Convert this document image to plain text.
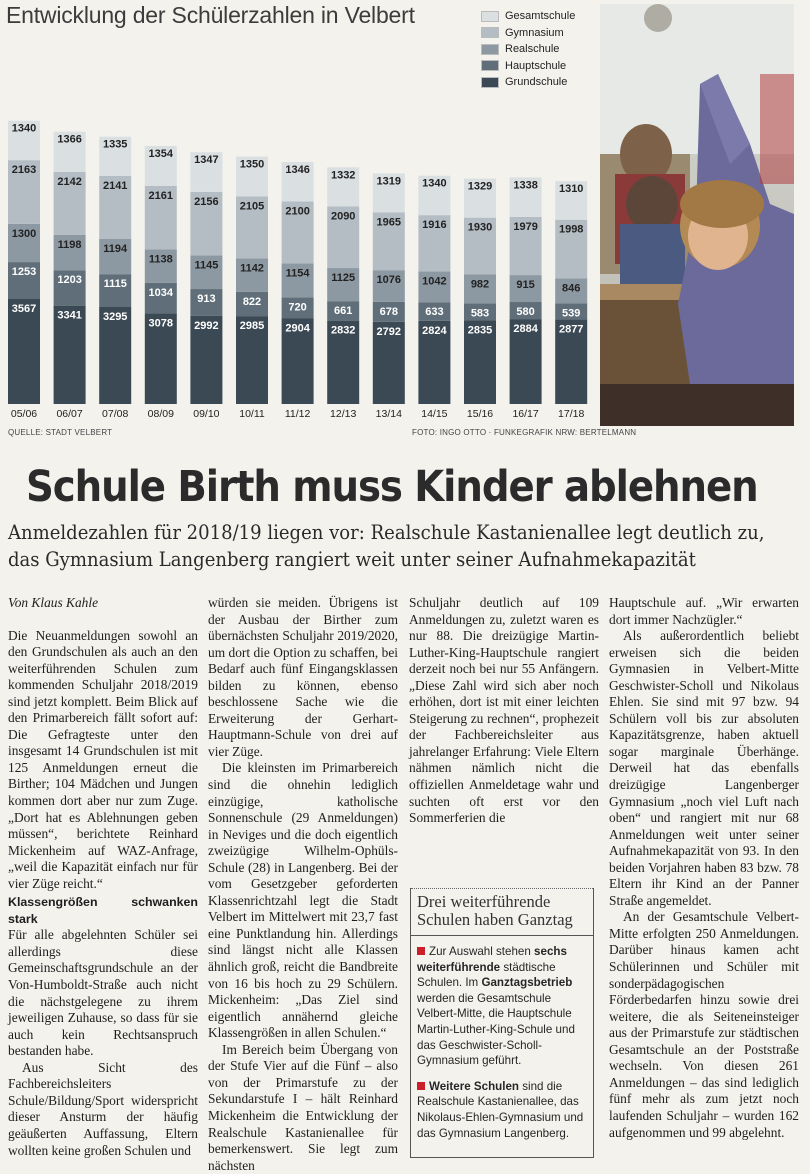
Entwicklung der Schülerzahlen in Velbert	Gesamtschule
Gymnasium
Realschule
Hauptschule
Grundschule
3567
1253
1300
2163
1340
05/06
3341
1203
1198
2142
1366
06/07
3295
1115
1194
2141
1335
07/08
3078
1034
1138
2161
1354
08/09
2992
913
1145
2156
1347
09/10
2985
822
1142
2105
1350
10/11
2904
720
1154
2100
1346
11/12
2832
661
1125
2090
1332
12/13
2792
678
1076
1965
1319
13/14
2824
633
1042
1916
1340
14/15
2835
583
982
1930
1329
15/16
2884
580
915
1979
1338
16/17
2877
539
846
1998
1310
17/18
QUELLE: STADT VELBERT	FOTO: INGO OTTO · FUNKEGRAFIK NRW: BERTELMANN
Schule Birth muss Kinder ablehnen
Anmeldezahlen für 2018/19 liegen vor: Realschule Kastanienallee legt deutlich zu,
das Gymnasium Langenberg rangiert weit unter seiner Aufnahmekapazität

Von Klaus Kahle

Die Neuanmeldungen sowohl an den Grundschulen als auch an den weiterführenden Schulen zum kommenden Schuljahr 2018/2019 sind jetzt komplett. Beim Blick auf den Primarbereich fällt sofort auf: Die Gefragteste unter den insgesamt 14 Grundschulen ist mit 125 Anmeldungen erneut die Birther; 104 Mädchen und Jungen kommen dort aber nur zum Zuge. „Dort hat es Ablehnungen geben müssen“, berichtete Reinhard Mickenheim auf WAZ-Anfrage, „weil die Kapazität einfach nur für vier Züge reicht.“

Klassengrößen schwanken stark

Für alle abgelehnten Schüler sei allerdings diese Gemeinschaftsgrundschule an der Von-Humboldt-Straße auch nicht die nächstgelegene zu ihrem jeweiligen Zuhause, so dass für sie auch kein Rechtsanspruch bestanden habe.

Aus Sicht des Fachbereichsleiters Schule/Bildung/Sport widerspricht dieser Ansturm der häufig geäußerten Auffassung, Eltern wollten keine großen Schulen und

würden sie meiden. Übrigens ist der Ausbau der Birther zum übernächsten Schuljahr 2019/2020, um dort die Option zu schaffen, bei Bedarf auch fünf Eingangsklassen bilden zu können, ebenso beschlossene Sache wie die Erweiterung der Gerhart-Hauptmann-Schule von drei auf vier Züge.

Die kleinsten im Primarbereich sind die ohnehin lediglich einzügige, katholische Sonnenschule (29 Anmeldungen) in Neviges und die doch eigentlich zweizügige Wilhelm-Ophüls-Schule (28) in Langenberg. Bei der vom Gesetzgeber geforderten Klassenrichtzahl legt die Stadt Velbert im Mittelwert mit 23,7 fast eine Punktlandung hin. Allerdings sind längst nicht alle Klassen ähnlich groß, reicht die Bandbreite von 16 bis hoch zu 29 Schülern. Mickenheim: „Das Ziel sind eigentlich annähernd gleiche Klassengrößen in allen Schulen.“

Im Bereich beim Übergang von der Stufe Vier auf die Fünf – also von der Primarstufe zu der Sekundarstufe I – hält Reinhard Mickenheim die Entwicklung der Realschule Kastanienallee für bemerkenswert. Sie legt zum nächsten

Schuljahr deutlich auf 109 Anmeldungen zu, zuletzt waren es nur 88. Die dreizügige Martin-Luther-King-Hauptschule rangiert derzeit noch bei nur 55 Anfängern. „Diese Zahl wird sich aber noch erhöhen, dort ist mit einer leichten Steigerung zu rechnen“, prophezeit der Fachbereichsleiter aus jahrelanger Erfahrung: Viele Eltern nähmen nämlich nicht die offiziellen Anmeldetage wahr und suchten oft erst vor den Sommerferien die

Drei weiterführende Schulen haben Ganztag

Zur Auswahl stehen sechs weiterführende städtische Schulen. Im Ganztagsbetrieb werden die Gesamtschule Velbert-Mitte, die Hauptschule Martin-Luther-King-Schule und das Geschwister-Scholl-Gymnasium geführt.

Weitere Schulen sind die Realschule Kastanienallee, das Nikolaus-Ehlen-Gymnasium und das Gymnasium Langenberg.

Hauptschule auf. „Wir erwarten dort immer Nachzügler.“

Als außerordentlich beliebt erweisen sich die beiden Gymnasien in Velbert-Mitte Geschwister-Scholl und Nikolaus Ehlen. Sie sind mit 97 bzw. 94 Schülern voll bis zur absoluten Kapazitätsgrenze, haben aktuell sogar marginale Überhänge. Derweil hat das ebenfalls dreizügige Langenberger Gymnasium „noch viel Luft nach oben“ und rangiert mit nur 68 Anmeldungen weit unter seiner Aufnahmekapazität von 93. In den beiden Vorjahren haben 83 bzw. 78 Eltern ihr Kind an der Panner Straße angemeldet.

An der Gesamtschule Velbert-Mitte erfolgten 250 Anmeldungen. Darüber hinaus kamen acht Schülerinnen und Schüler mit sonderpädagogischen Förderbedarfen hinzu sowie drei weitere, die als Seiteneinsteiger aus der Primarstufe zur städtischen Gesamtschule an der Poststraße wechseln. Von diesen 261 Anmeldungen – das sind lediglich fünf mehr als zum jetzt noch laufenden Schuljahr – wurden 162 aufgenommen und 99 abgelehnt.
